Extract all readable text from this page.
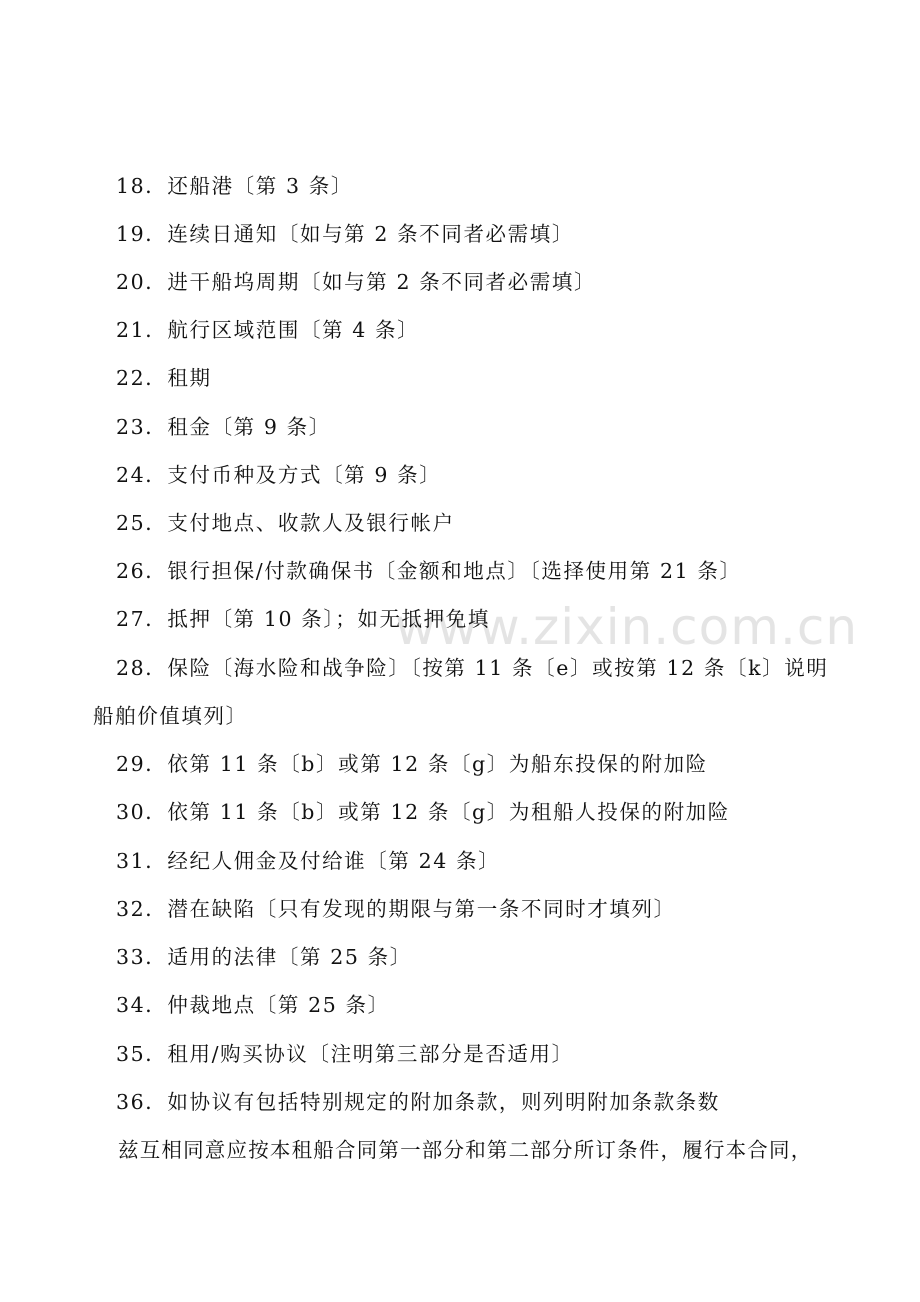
www.zixin.com.cn
18．还船港〔第 3 条〕
19．连续日通知〔如与第 2 条不同者必需填〕
20．进干船坞周期〔如与第 2 条不同者必需填〕
21．航行区域范围〔第 4 条〕
22．租期
23．租金〔第 9 条〕
24．支付币种及方式〔第 9 条〕
25．支付地点、收款人及银行帐户
26．银行担保/付款确保书〔金额和地点〕〔选择使用第 21 条〕
27．抵押〔第 10 条〕；如无抵押免填
28．保险〔海水险和战争险〕〔按第 11 条〔e〕或按第 12 条〔k〕说明
船舶价值填列〕
29．依第 11 条〔b〕或第 12 条〔g〕为船东投保的附加险
30．依第 11 条〔b〕或第 12 条〔g〕为租船人投保的附加险
31．经纪人佣金及付给谁〔第 24 条〕
32．潜在缺陷〔只有发现的期限与第一条不同时才填列〕
33．适用的法律〔第 25 条〕
34．仲裁地点〔第 25 条〕
35．租用/购买协议〔注明第三部分是否适用〕
36．如协议有包括特别规定的附加条款，则列明附加条款条数
兹互相同意应按本租船合同第一部分和第二部分所订条件，履行本合同，
